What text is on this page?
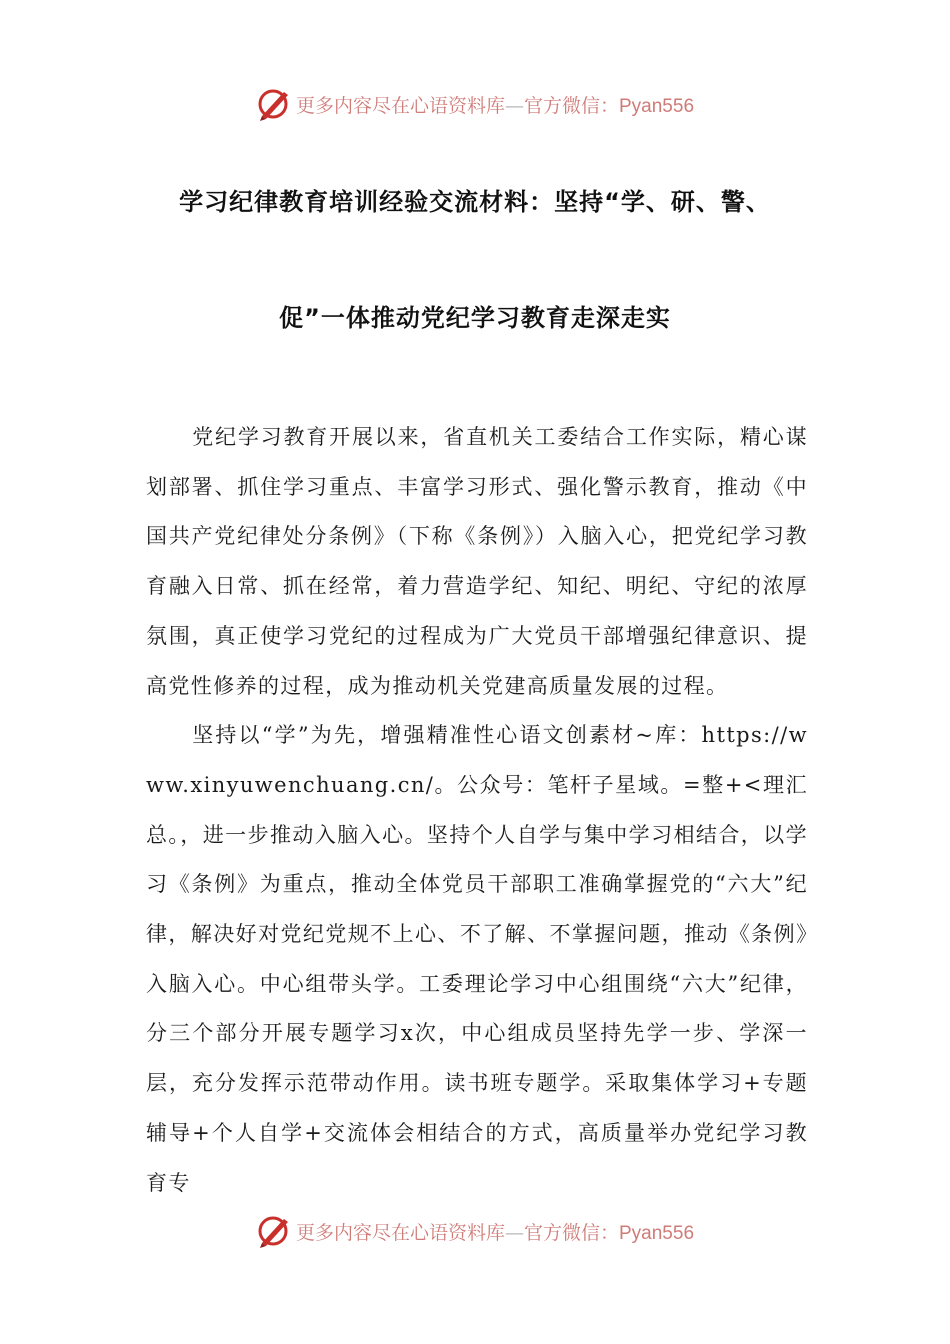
更多内容尽在心语资料库—官方微信：Pyan556
学习纪律教育培训经验交流材料：坚持“学、研、警、
促”一体推动党纪学习教育走深走实

党纪学习教育开展以来，省直机关工委结合工作实际，精心谋划部署、抓住学习重点、丰富学习形式、强化警示教育，推动《中国共产党纪律处分条例》（下称《条例》）入脑入心，把党纪学习教育融入日常、抓在经常，着力营造学纪、知纪、明纪、守纪的浓厚氛围，真正使学习党纪的过程成为广大党员干部增强纪律意识、提高党性修养的过程，成为推动机关党建高质量发展的过程。

坚持以“学”为先，增强精准性心语文创素材~库：https://www.xinyuwenchuang.cn/。公众号：笔杆子星域。=整+<理汇总。，进一步推动入脑入心。坚持个人自学与集中学习相结合，以学习《条例》为重点，推动全体党员干部职工准确掌握党的“六大”纪律，解决好对党纪党规不上心、不了解、不掌握问题，推动《条例》入脑入心。中心组带头学。工委理论学习中心组围绕“六大”纪律，分三个部分开展专题学习x次，中心组成员坚持先学一步、学深一层，充分发挥示范带动作用。读书班专题学。采取集体学习+专题辅导+个人自学+交流体会相结合的方式，高质量举办党纪学习教育专

更多内容尽在心语资料库—官方微信：Pyan556
